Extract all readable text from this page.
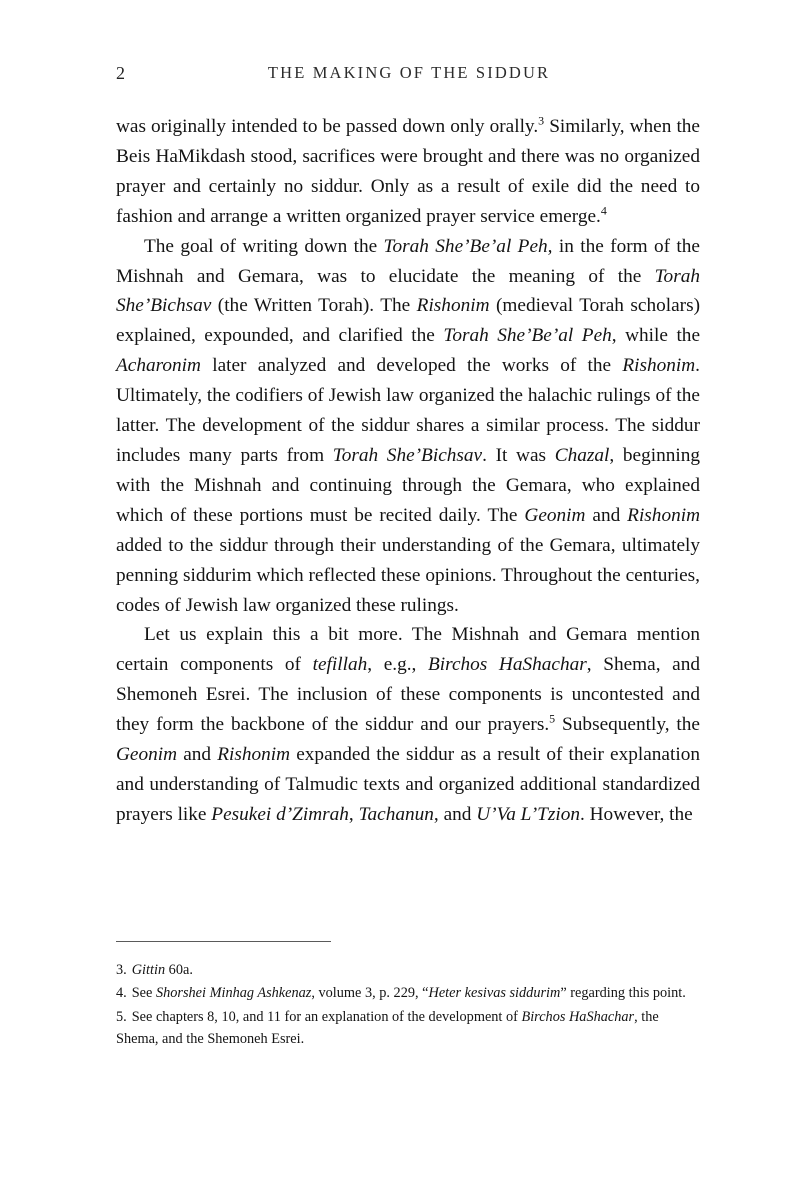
2	THE MAKING OF THE SIDDUR

was originally intended to be passed down only orally.$^3$ Similarly, when the Beis HaMikdash stood, sacrifices were brought and there was no organized prayer and certainly no siddur. Only as a result of exile did the need to fashion and arrange a written organized prayer service emerge.$^4$

The goal of writing down the Torah She’Be’al Peh, in the form of the Mishnah and Gemara, was to elucidate the meaning of the Torah She’Bichsav (the Written Torah). The Rishonim (medieval Torah scholars) explained, expounded, and clarified the Torah She’Be’al Peh, while the Acharonim later analyzed and developed the works of the Rishonim. Ultimately, the codifiers of Jewish law organized the halachic rulings of the latter. The development of the siddur shares a similar process. The siddur includes many parts from Torah She’Bichsav. It was Chazal, beginning with the Mishnah and continuing through the Gemara, who explained which of these portions must be recited daily. The Geonim and Rishonim added to the siddur through their understanding of the Gemara, ultimately penning siddurim which reflected these opinions. Throughout the centuries, codes of Jewish law organized these rulings.

Let us explain this a bit more. The Mishnah and Gemara mention certain components of tefillah, e.g., Birchos HaShachar, Shema, and Shemoneh Esrei. The inclusion of these components is uncontested and they form the backbone of the siddur and our prayers.$^5$ Subsequently, the Geonim and Rishonim expanded the siddur as a result of their explanation and understanding of Talmudic texts and organized additional standardized prayers like Pesukei d’Zimrah, Tachanun, and U’Va L’Tzion. However, the

3. Gittin 60a.

4. See Shorshei Minhag Ashkenaz, volume 3, p. 229, “Heter kesivas siddurim” regarding this point.

5. See chapters 8, 10, and 11 for an explanation of the development of Birchos HaShachar, the Shema, and the Shemoneh Esrei.
